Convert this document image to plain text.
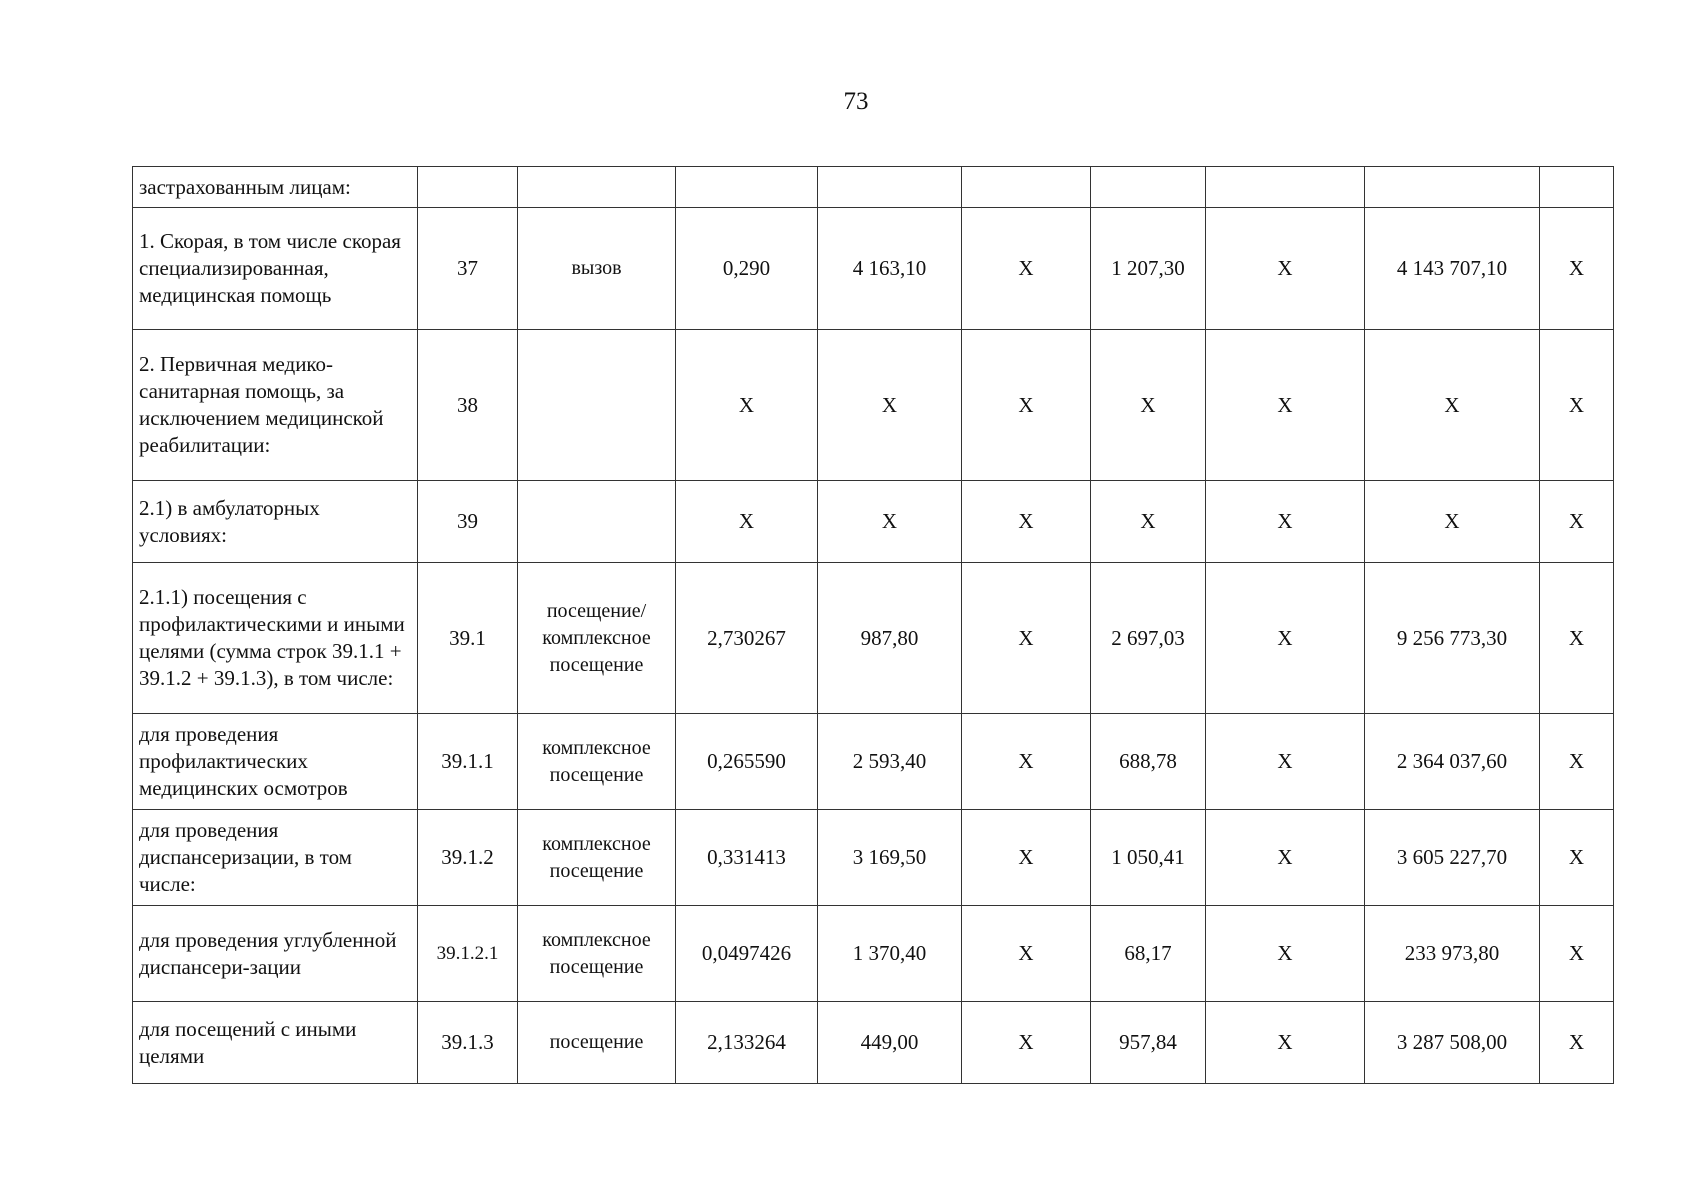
73
застрахованным лицам:									
1. Скорая, в том числе скорая специализированная, медицинская помощь	37	вызов	0,290	4 163,10	Х	1 207,30	Х	4 143 707,10	Х
2. Первичная медико-санитарная помощь, за исключением медицинской реабилитации:	38		Х	Х	Х	Х	Х	Х	Х
2.1) в амбулаторных условиях:	39		Х	Х	Х	Х	Х	Х	Х
2.1.1) посещения с профилактическими и иными целями (сумма строк 39.1.1 + 39.1.2 + 39.1.3), в том числе:	39.1	посещение/ комплексное посещение	2,730267	987,80	Х	2 697,03	Х	9 256 773,30	Х
для проведения профилактических медицинских осмотров	39.1.1	комплексное посещение	0,265590	2 593,40	Х	688,78	Х	2 364 037,60	Х
для проведения диспансеризации, в том числе:	39.1.2	комплексное посещение	0,331413	3 169,50	Х	1 050,41	Х	3 605 227,70	Х
для проведения углубленной диспансери-зации	39.1.2.1	комплексное посещение	0,0497426	1 370,40	Х	68,17	Х	233 973,80	Х
для посещений с иными целями	39.1.3	посещение	2,133264	449,00	Х	957,84	Х	3 287 508,00	Х
